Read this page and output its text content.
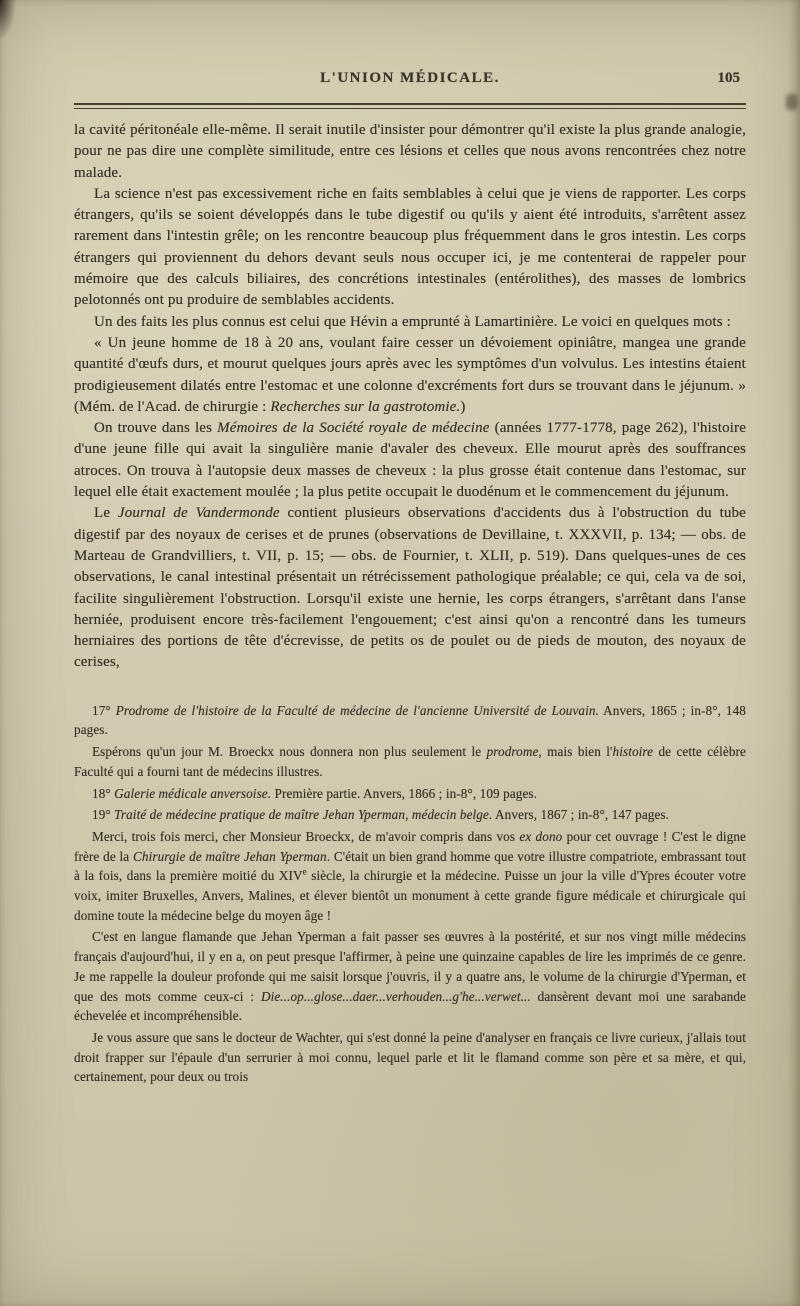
L'UNION MÉDICALE.	105

la cavité péritonéale elle-même. Il serait inutile d'insister pour démontrer qu'il existe la plus grande analogie, pour ne pas dire une complète similitude, entre ces lésions et celles que nous avons rencontrées chez notre malade.

La science n'est pas excessivement riche en faits semblables à celui que je viens de rapporter. Les corps étrangers, qu'ils se soient développés dans le tube digestif ou qu'ils y aient été introduits, s'arrêtent assez rarement dans l'intestin grêle; on les rencontre beaucoup plus fréquemment dans le gros intestin. Les corps étrangers qui proviennent du dehors devant seuls nous occuper ici, je me contenterai de rappeler pour mémoire que des calculs biliaires, des concrétions intestinales (entérolithes), des masses de lombrics pelotonnés ont pu produire de semblables accidents.

Un des faits les plus connus est celui que Hévin a emprunté à Lamartinière. Le voici en quelques mots :

« Un jeune homme de 18 à 20 ans, voulant faire cesser un dévoiement opiniâtre, mangea une grande quantité d'œufs durs, et mourut quelques jours après avec les symptômes d'un volvulus. Les intestins étaient prodigieusement dilatés entre l'estomac et une colonne d'excréments fort durs se trouvant dans le jéjunum. » (Mém. de l'Acad. de chirurgie : Recherches sur la gastrotomie.)

On trouve dans les Mémoires de la Société royale de médecine (années 1777-1778, page 262), l'histoire d'une jeune fille qui avait la singulière manie d'avaler des cheveux. Elle mourut après des souffrances atroces. On trouva à l'autopsie deux masses de cheveux : la plus grosse était contenue dans l'estomac, sur lequel elle était exactement moulée ; la plus petite occupait le duodénum et le commencement du jéjunum.

Le Journal de Vandermonde contient plusieurs observations d'accidents dus à l'obstruction du tube digestif par des noyaux de cerises et de prunes (observations de Devillaine, t. XXXVII, p. 134; — obs. de Marteau de Grandvilliers, t. VII, p. 15; — obs. de Fournier, t. XLII, p. 519). Dans quelques-unes de ces observations, le canal intestinal présentait un rétrécissement pathologique préalable; ce qui, cela va de soi, facilite singulièrement l'obstruction. Lorsqu'il existe une hernie, les corps étrangers, s'arrêtant dans l'anse herniée, produisent encore très-facilement l'engouement; c'est ainsi qu'on a rencontré dans les tumeurs herniaires des portions de tête d'écrevisse, de petits os de poulet ou de pieds de mouton, des noyaux de cerises,

17° Prodrome de l'histoire de la Faculté de médecine de l'ancienne Université de Louvain. Anvers, 1865 ; in-8°, 148 pages.

Espérons qu'un jour M. Broeckx nous donnera non plus seulement le prodrome, mais bien l'histoire de cette célèbre Faculté qui a fourni tant de médecins illustres.

18° Galerie médicale anversoise. Première partie. Anvers, 1866 ; in-8°, 109 pages.

19° Traité de médecine pratique de maître Jehan Yperman, médecin belge. Anvers, 1867 ; in-8°, 147 pages.

Merci, trois fois merci, cher Monsieur Broeckx, de m'avoir compris dans vos ex dono pour cet ouvrage ! C'est le digne frère de la Chirurgie de maître Jehan Yperman. C'était un bien grand homme que votre illustre compatriote, embrassant tout à la fois, dans la première moitié du XIVe siècle, la chirurgie et la médecine. Puisse un jour la ville d'Ypres écouter votre voix, imiter Bruxelles, Anvers, Malines, et élever bientôt un monument à cette grande figure médicale et chirurgicale qui domine toute la médecine belge du moyen âge !

C'est en langue flamande que Jehan Yperman a fait passer ses œuvres à la postérité, et sur nos vingt mille médecins français d'aujourd'hui, il y en a, on peut presque l'affirmer, à peine une quinzaine capables de lire les imprimés de ce genre. Je me rappelle la douleur profonde qui me saisit lorsque j'ouvris, il y a quatre ans, le volume de la chirurgie d'Yperman, et que des mots comme ceux-ci : Die...op...glose...daer...verhouden...g'he...verwet... dansèrent devant moi une sarabande échevelée et incompréhensible.

Je vous assure que sans le docteur de Wachter, qui s'est donné la peine d'analyser en français ce livre curieux, j'allais tout droit frapper sur l'épaule d'un serrurier à moi connu, lequel parle et lit le flamand comme son père et sa mère, et qui, certainement, pour deux ou trois
